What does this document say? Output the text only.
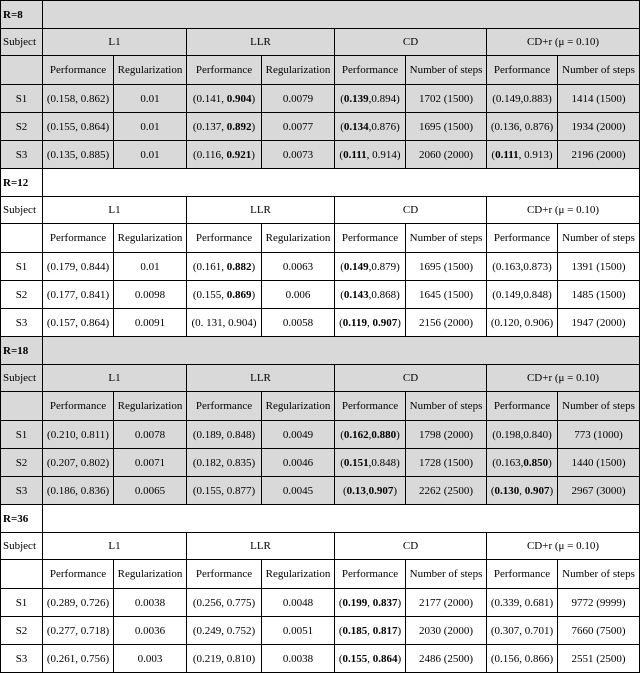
R=8								
Subject	L1		LLR		CD		CD+r (μ = 0.10)	
	Performance	Regularization	Performance	Regularization	Performance	Number of steps	Performance	Number of steps
S1	(0.158, 0.862)	0.01	(0.141, 0.904)	0.0079	(0.139,0.894)	1702 (1500)	(0.149,0.883)	1414 (1500)
S2	(0.155, 0.864)	0.01	(0.137, 0.892)	0.0077	(0.134,0.876)	1695 (1500)	(0.136, 0.876)	1934 (2000)
S3	(0.135, 0.885)	0.01	(0.116, 0.921)	0.0073	(0.111, 0.914)	2060 (2000)	(0.111, 0.913)	2196 (2000)
R=12								
Subject	L1		LLR		CD		CD+r (μ = 0.10)	
	Performance	Regularization	Performance	Regularization	Performance	Number of steps	Performance	Number of steps
S1	(0.179, 0.844)	0.01	(0.161, 0.882)	0.0063	(0.149,0.879)	1695 (1500)	(0.163,0.873)	1391 (1500)
S2	(0.177, 0.841)	0.0098	(0.155, 0.869)	0.006	(0.143,0.868)	1645 (1500)	(0.149,0.848)	1485 (1500)
S3	(0.157, 0.864)	0.0091	(0. 131, 0.904)	0.0058	(0.119, 0.907)	2156 (2000)	(0.120, 0.906)	1947 (2000)
R=18								
Subject	L1		LLR		CD		CD+r (μ = 0.10)	
	Performance	Regularization	Performance	Regularization	Performance	Number of steps	Performance	Number of steps
S1	(0.210, 0.811)	0.0078	(0.189, 0.848)	0.0049	(0.162,0.880)	1798 (2000)	(0.198,0.840)	773 (1000)
S2	(0.207, 0.802)	0.0071	(0.182, 0.835)	0.0046	(0.151,0.848)	1728 (1500)	(0.163,0.850)	1440 (1500)
S3	(0.186, 0.836)	0.0065	(0.155, 0.877)	0.0045	(0.13,0.907)	2262 (2500)	(0.130, 0.907)	2967 (3000)
R=36								
Subject	L1		LLR		CD		CD+r (μ = 0.10)	
	Performance	Regularization	Performance	Regularization	Performance	Number of steps	Performance	Number of steps
S1	(0.289, 0.726)	0.0038	(0.256, 0.775)	0.0048	(0.199, 0.837)	2177 (2000)	(0.339, 0.681)	9772 (9999)
S2	(0.277, 0.718)	0.0036	(0.249, 0.752)	0.0051	(0.185, 0.817)	2030 (2000)	(0.307, 0.701)	7660 (7500)
S3	(0.261, 0.756)	0.003	(0.219, 0.810)	0.0038	(0.155, 0.864)	2486 (2500)	(0.156, 0.866)	2551 (2500)
